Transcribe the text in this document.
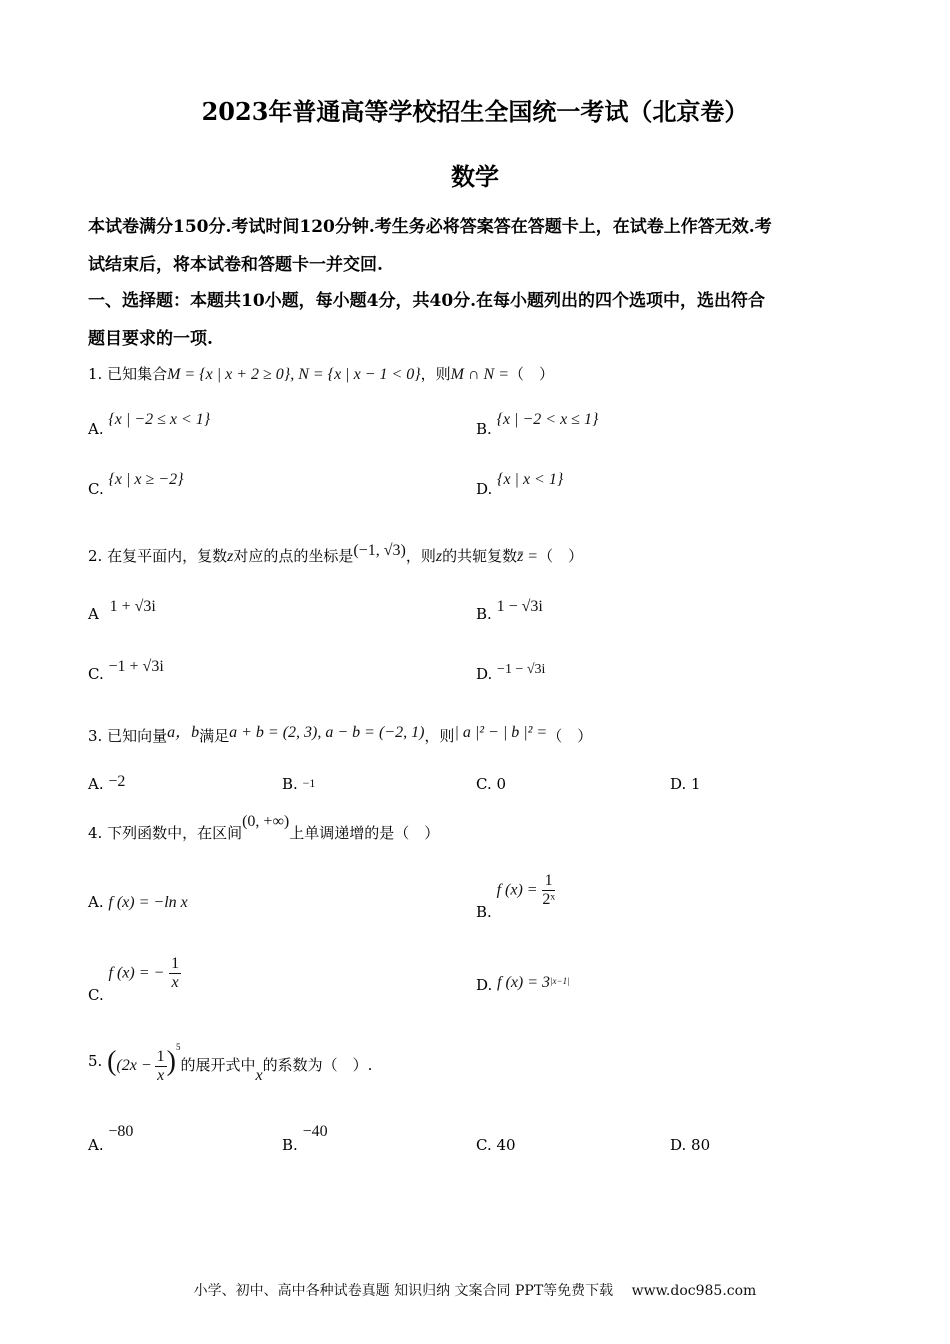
2023年普通高等学校招生全国统一考试（北京卷）
数学
本试卷满分150分.考试时间120分钟.考生务必将答案答在答题卡上，在试卷上作答无效.考
试结束后，将本试卷和答题卡一并交回.
一、选择题：本题共10小题，每小题4分，共40分.在每小题列出的四个选项中，选出符合
题目要求的一项.
1. 已知集合M = {x | x + 2 ≥ 0}, N = {x | x − 1 < 0}，则M ∩ N =（　）
A. {x | −2 ≤ x < 1}
B. {x | −2 < x ≤ 1}
C. {x | x ≥ −2}
D. {x | x < 1}
2. 在复平面内，复数z对应的点的坐标是(−1, √3)，则z的共轭复数z̄ =（　）
A 1 + √3i	B. 1 − √3i
C. −1 + √3i	D. −1 − √3i
3. 已知向量a，b满足a + b = (2, 3), a − b = (−2, 1)，则| a |² − | b |² =（　）
A. −2	B. −1	C. 0	D. 1
4. 下列函数中，在区间(0, +∞)上单调递增的是（　）
A. f (x) = −ln x	B. f $(x) = \frac{1}{\text{2ˣ}}$
C. f (x) = − $\frac{1}{x}$	D. f $(x) = 3^{|x-1|}$
5. ($(2x - \frac{1}{x} )^5$的展开式中x的系数为（　）.
A. −80
B. −40
C. 40	D. 80
小学、初中、高中各种试卷真题 知识归纳 文案合同 PPT等免费下载　 www.doc985.com
